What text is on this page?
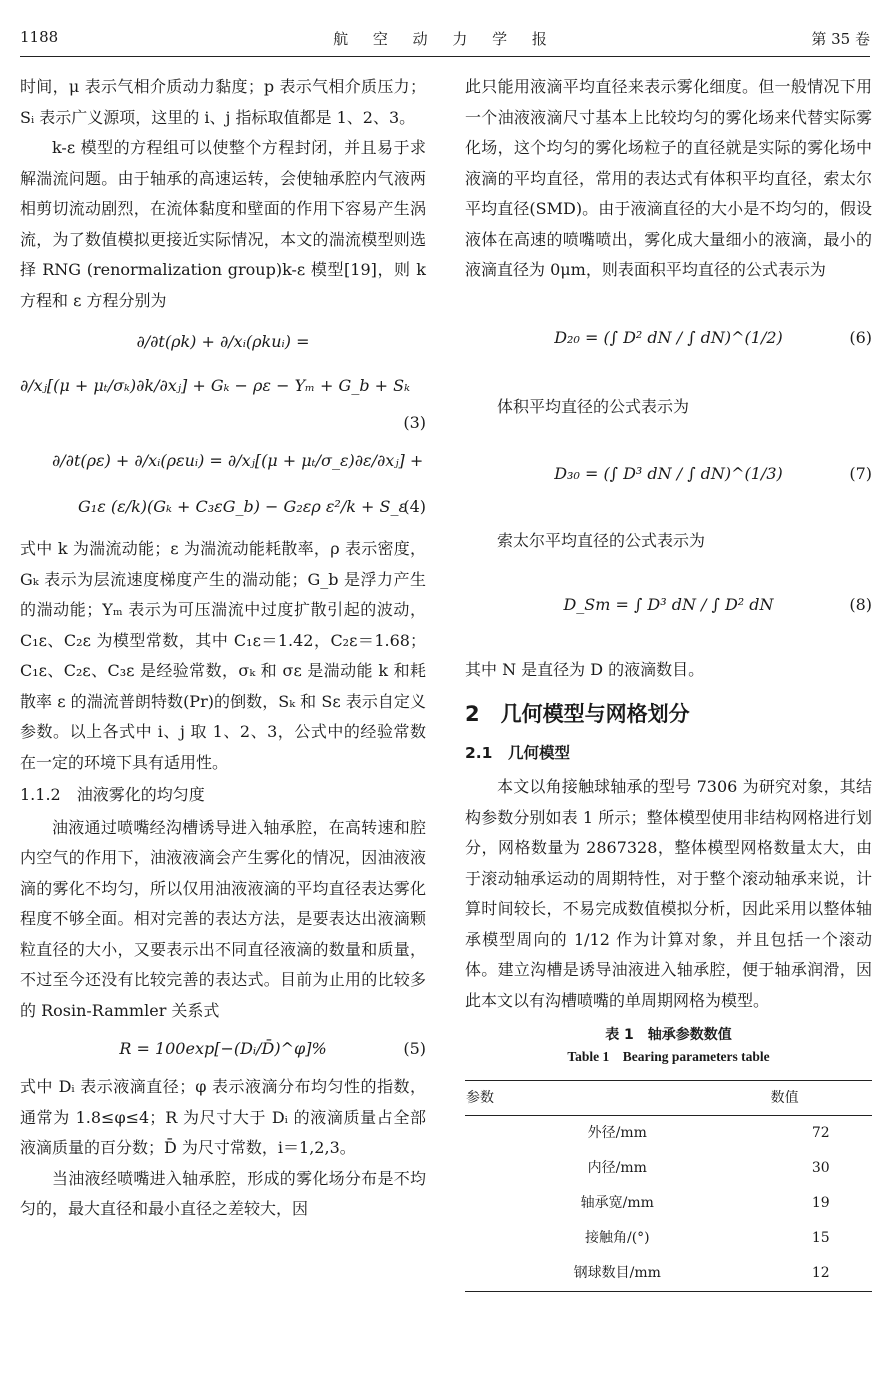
1188	航 空 动 力 学 报	第 35 卷

时间，μ 表示气相介质动力黏度；p 表示气相介质压力；Sᵢ 表示广义源项，这里的 i、j 指标取值都是 1、2、3。

k-ε 模型的方程组可以使整个方程封闭，并且易于求解湍流问题。由于轴承的高速运转，会使轴承腔内气液两相剪切流动剧烈，在流体黏度和壁面的作用下容易产生涡流，为了数值模拟更接近实际情况，本文的湍流模型则选择 RNG (renormalization group)k-ε 模型[19]，则 k 方程和 ε 方程分别为

∂/∂t(ρk) + ∂/xᵢ(ρkuᵢ) =
∂/xⱼ[(μ + μₜ/σₖ)∂k/∂xⱼ] + Gₖ − ρε − Yₘ + G_b + Sₖ
(3)
∂/∂t(ρε) + ∂/xᵢ(ρεuᵢ) = ∂/xⱼ[(μ + μₜ/σ_ε)∂ε/∂xⱼ] +
G₁ε (ε/k)(Gₖ + C₃εG_b) − G₂ερ ε²/k + S_ε
(4)

式中 k 为湍流动能；ε 为湍流动能耗散率，ρ 表示密度，Gₖ 表示为层流速度梯度产生的湍动能；G_b 是浮力产生的湍动能；Yₘ 表示为可压湍流中过度扩散引起的波动，C₁ε、C₂ε 为模型常数，其中 C₁ε＝1.42，C₂ε＝1.68；C₁ε、C₂ε、C₃ε 是经验常数，σₖ 和 σε 是湍动能 k 和耗散率 ε 的湍流普朗特数(Pr)的倒数，Sₖ 和 Sε 表示自定义参数。以上各式中 i、j 取 1、2、3，公式中的经验常数在一定的环境下具有适用性。

1.1.2　油液雾化的均匀度

油液通过喷嘴经沟槽诱导进入轴承腔，在高转速和腔内空气的作用下，油液液滴会产生雾化的情况，因油液液滴的雾化不均匀，所以仅用油液液滴的平均直径表达雾化程度不够全面。相对完善的表达方法，是要表达出液滴颗粒直径的大小，又要表示出不同直径液滴的数量和质量，不过至今还没有比较完善的表达式。目前为止用的比较多的 Rosin-Rammler 关系式

R = 100exp[−(Dᵢ/D̄)^φ]%	(5)

式中 Dᵢ 表示液滴直径；φ 表示液滴分布均匀性的指数，通常为 1.8≤φ≤4；R 为尺寸大于 Dᵢ 的液滴质量占全部液滴质量的百分数；D̄ 为尺寸常数，i＝1,2,3。

当油液经喷嘴进入轴承腔，形成的雾化场分布是不均匀的，最大直径和最小直径之差较大，因

此只能用液滴平均直径来表示雾化细度。但一般情况下用一个油液液滴尺寸基本上比较均匀的雾化场来代替实际雾化场，这个均匀的雾化场粒子的直径就是实际的雾化场中液滴的平均直径，常用的表达式有体积平均直径，索太尔平均直径(SMD)。由于液滴直径的大小是不均匀的，假设液体在高速的喷嘴喷出，雾化成大量细小的液滴，最小的液滴直径为 0μm，则表面积平均直径的公式表示为

D₂₀ = (∫ D² dN / ∫ dN)^(1/2)	(6)

体积平均直径的公式表示为

D₃₀ = (∫ D³ dN / ∫ dN)^(1/3)	(7)

索太尔平均直径的公式表示为

D_Sm = ∫ D³ dN / ∫ D² dN	(8)

其中 N 是直径为 D 的液滴数目。

2　几何模型与网格划分

2.1　几何模型

本文以角接触球轴承的型号 7306 为研究对象，其结构参数分别如表 1 所示；整体模型使用非结构网格进行划分，网格数量为 2867328，整体模型网格数量太大，由于滚动轴承运动的周期特性，对于整个滚动轴承来说，计算时间较长，不易完成数值模拟分析，因此采用以整体轴承模型周向的 1/12 作为计算对象，并且包括一个滚动体。建立沟槽是诱导油液进入轴承腔，便于轴承润滑，因此本文以有沟槽喷嘴的单周期网格为模型。

表 1　轴承参数数值
Table 1　Bearing parameters table
参数	数值
外径/mm	72
内径/mm	30
轴承宽/mm	19
接触角/(°)	15
钢球数目/mm	12
